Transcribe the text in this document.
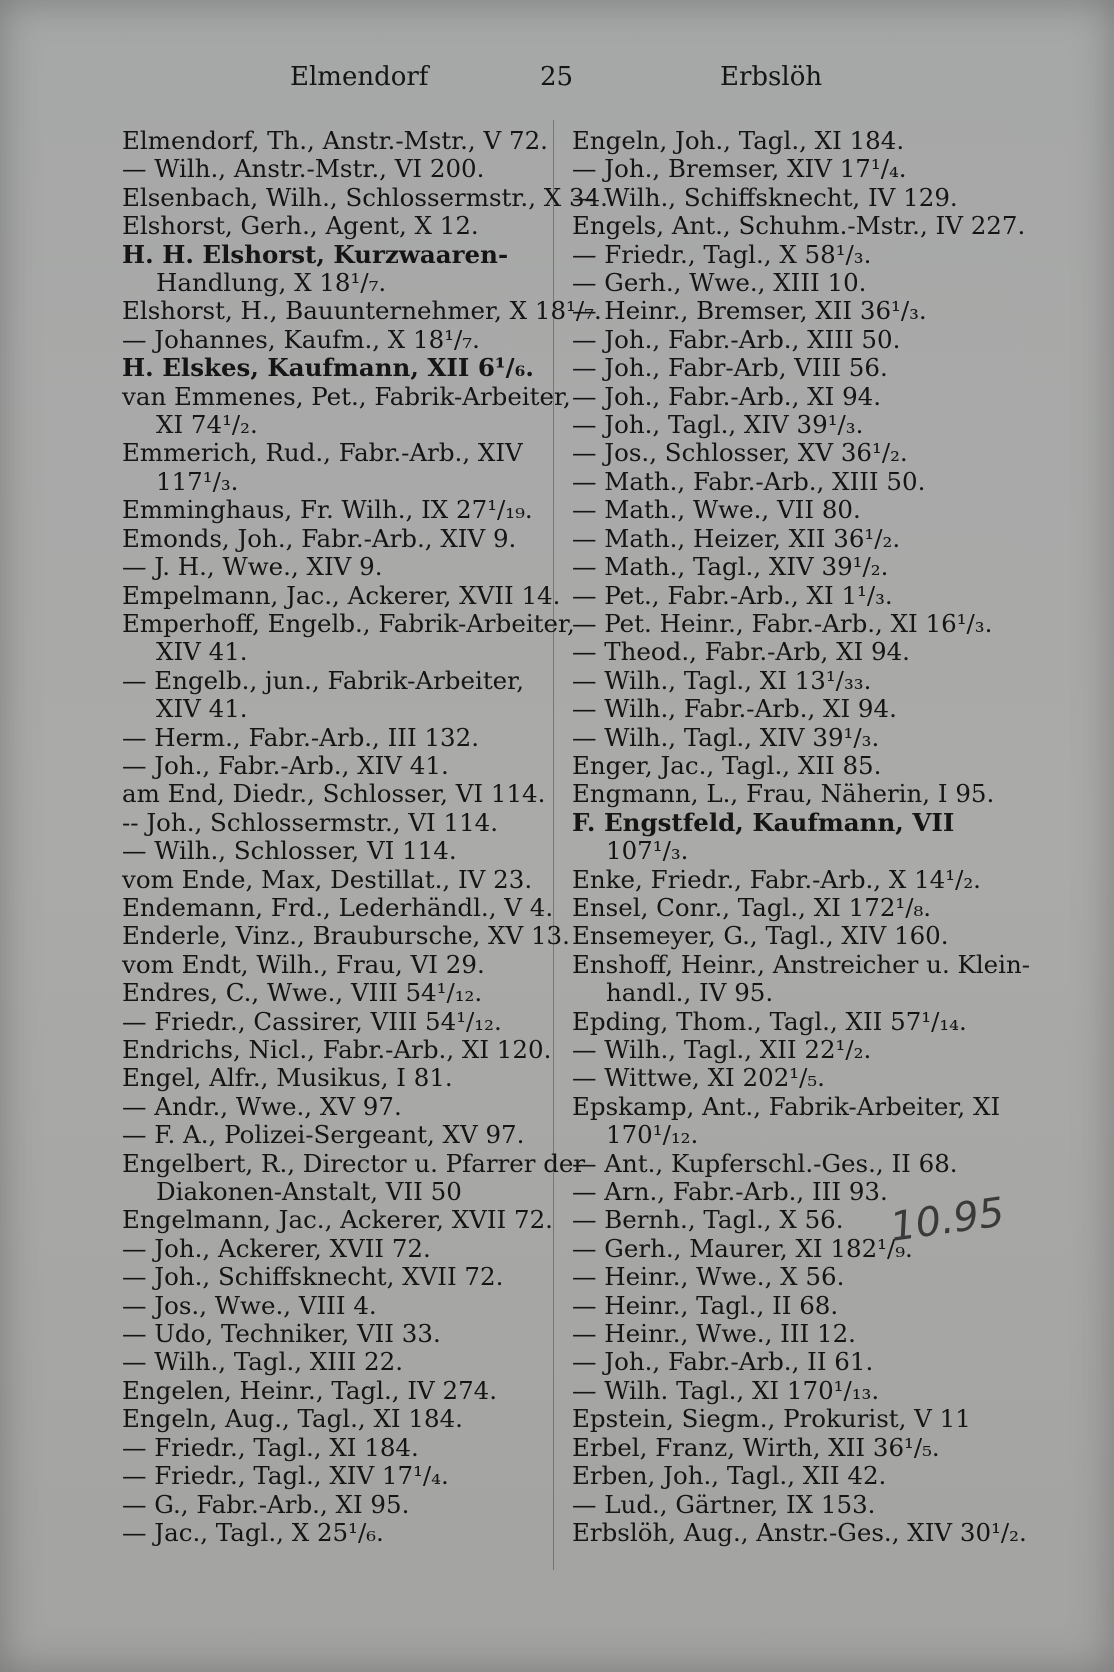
Elmendorf	25	Erbslöh
Elmendorf, Th., Anstr.-Mstr., V 72.
— Wilh., Anstr.-Mstr., VI 200.
Elsenbach, Wilh., Schlossermstr., X 34.
Elshorst, Gerh., Agent, X 12.
H. H. Elshorst, Kurzwaaren-
Handlung, X 18¹/₇.
Elshorst, H., Bauunternehmer, X 18¹/₇.
— Johannes, Kaufm., X 18¹/₇.
H. Elskes, Kaufmann, XII 6¹/₆.
van Emmenes, Pet., Fabrik-Arbeiter,
XI 74¹/₂.
Emmerich, Rud., Fabr.-Arb., XIV
117¹/₃.
Emminghaus, Fr. Wilh., IX 27¹/₁₉.
Emonds, Joh., Fabr.-Arb., XIV 9.
— J. H., Wwe., XIV 9.
Empelmann, Jac., Ackerer, XVII 14.
Emperhoff, Engelb., Fabrik-Arbeiter,
XIV 41.
— Engelb., jun., Fabrik-Arbeiter,
XIV 41.
— Herm., Fabr.-Arb., III 132.
— Joh., Fabr.-Arb., XIV 41.
am End, Diedr., Schlosser, VI 114.
-- Joh., Schlossermstr., VI 114.
— Wilh., Schlosser, VI 114.
vom Ende, Max, Destillat., IV 23.
Endemann, Frd., Lederhändl., V 4.
Enderle, Vinz., Braubursche, XV 13.
vom Endt, Wilh., Frau, VI 29.
Endres, C., Wwe., VIII 54¹/₁₂.
— Friedr., Cassirer, VIII 54¹/₁₂.
Endrichs, Nicl., Fabr.-Arb., XI 120.
Engel, Alfr., Musikus, I 81.
— Andr., Wwe., XV 97.
— F. A., Polizei-Sergeant, XV 97.
Engelbert, R., Director u. Pfarrer der
Diakonen-Anstalt, VII 50
Engelmann, Jac., Ackerer, XVII 72.
— Joh., Ackerer, XVII 72.
— Joh., Schiffsknecht, XVII 72.
— Jos., Wwe., VIII 4.
— Udo, Techniker, VII 33.
— Wilh., Tagl., XIII 22.
Engelen, Heinr., Tagl., IV 274.
Engeln, Aug., Tagl., XI 184.
— Friedr., Tagl., XI 184.
— Friedr., Tagl., XIV 17¹/₄.
— G., Fabr.-Arb., XI 95.
— Jac., Tagl., X 25¹/₆.
Engeln, Joh., Tagl., XI 184.
— Joh., Bremser, XIV 17¹/₄.
— Wilh., Schiffsknecht, IV 129.
Engels, Ant., Schuhm.-Mstr., IV 227.
— Friedr., Tagl., X 58¹/₃.
— Gerh., Wwe., XIII 10.
— Heinr., Bremser, XII 36¹/₃.
— Joh., Fabr.-Arb., XIII 50.
— Joh., Fabr-Arb, VIII 56.
— Joh., Fabr.-Arb., XI 94.
— Joh., Tagl., XIV 39¹/₃.
— Jos., Schlosser, XV 36¹/₂.
— Math., Fabr.-Arb., XIII 50.
— Math., Wwe., VII 80.
— Math., Heizer, XII 36¹/₂.
— Math., Tagl., XIV 39¹/₂.
— Pet., Fabr.-Arb., XI 1¹/₃.
— Pet. Heinr., Fabr.-Arb., XI 16¹/₃.
— Theod., Fabr.-Arb, XI 94.
— Wilh., Tagl., XI 13¹/₃₃.
— Wilh., Fabr.-Arb., XI 94.
— Wilh., Tagl., XIV 39¹/₃.
Enger, Jac., Tagl., XII 85.
Engmann, L., Frau, Näherin, I 95.
F. Engstfeld, Kaufmann, VII
107¹/₃.
Enke, Friedr., Fabr.-Arb., X 14¹/₂.
Ensel, Conr., Tagl., XI 172¹/₈.
Ensemeyer, G., Tagl., XIV 160.
Enshoff, Heinr., Anstreicher u. Klein-
handl., IV 95.
Epding, Thom., Tagl., XII 57¹/₁₄.
— Wilh., Tagl., XII 22¹/₂.
— Wittwe, XI 202¹/₅.
Epskamp, Ant., Fabrik-Arbeiter, XI
170¹/₁₂.
— Ant., Kupferschl.-Ges., II 68.
— Arn., Fabr.-Arb., III 93.
— Bernh., Tagl., X 56.
— Gerh., Maurer, XI 182¹/₉.
— Heinr., Wwe., X 56.
— Heinr., Tagl., II 68.
— Heinr., Wwe., III 12.
— Joh., Fabr.-Arb., II 61.
— Wilh. Tagl., XI 170¹/₁₃.
Epstein, Siegm., Prokurist, V 11
Erbel, Franz, Wirth, XII 36¹/₅.
Erben, Joh., Tagl., XII 42.
— Lud., Gärtner, IX 153.
Erbslöh, Aug., Anstr.-Ges., XIV 30¹/₂.
10.95
